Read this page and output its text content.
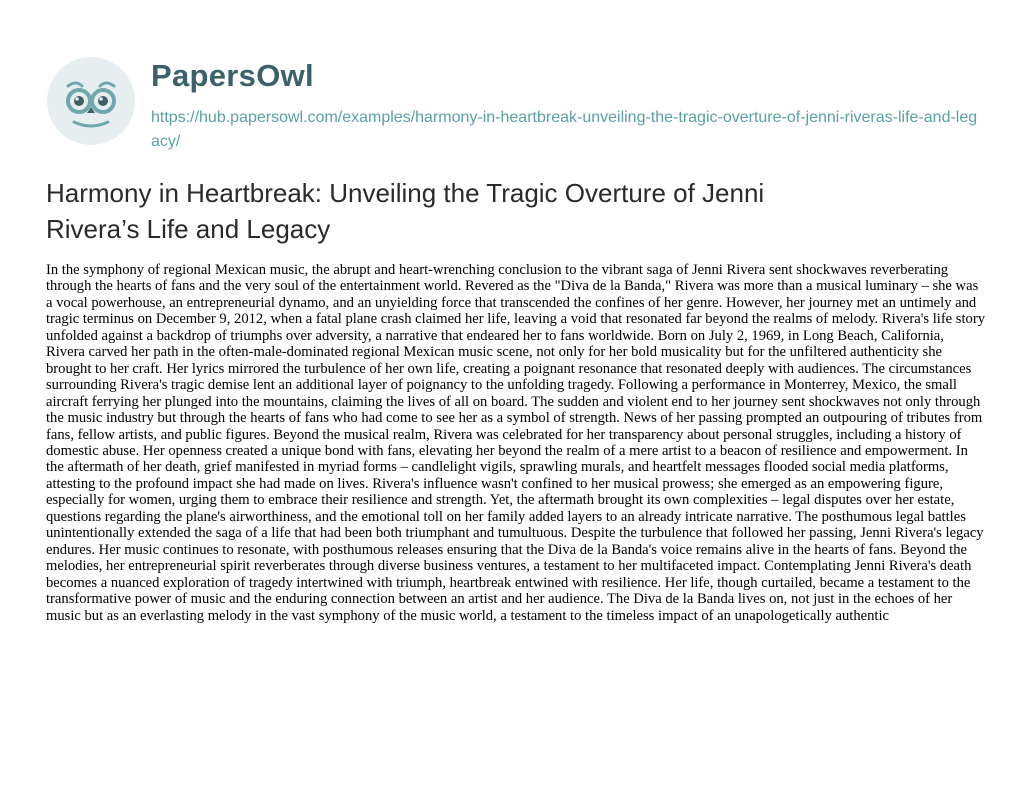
PapersOwl
https://hub.papersowl.com/examples/harmony-in-heartbreak-unveiling-the-tragic-overture-of-jenni-riveras-life-and-legacy/
Harmony in Heartbreak: Unveiling the Tragic Overture of Jenni Rivera’s Life and Legacy

In the symphony of regional Mexican music, the abrupt and heart-wrenching conclusion to the vibrant saga of Jenni Rivera sent shockwaves reverberating through the hearts of fans and the very soul of the entertainment world. Revered as the "Diva de la Banda," Rivera was more than a musical luminary – she was a vocal powerhouse, an entrepreneurial dynamo, and an unyielding force that transcended the confines of her genre. However, her journey met an untimely and tragic terminus on December 9, 2012, when a fatal plane crash claimed her life, leaving a void that resonated far beyond the realms of melody. Rivera's life story unfolded against a backdrop of triumphs over adversity, a narrative that endeared her to fans worldwide. Born on July 2, 1969, in Long Beach, California, Rivera carved her path in the often-male-dominated regional Mexican music scene, not only for her bold musicality but for the unfiltered authenticity she brought to her craft. Her lyrics mirrored the turbulence of her own life, creating a poignant resonance that resonated deeply with audiences. The circumstances surrounding Rivera's tragic demise lent an additional layer of poignancy to the unfolding tragedy. Following a performance in Monterrey, Mexico, the small aircraft ferrying her plunged into the mountains, claiming the lives of all on board. The sudden and violent end to her journey sent shockwaves not only through the music industry but through the hearts of fans who had come to see her as a symbol of strength. News of her passing prompted an outpouring of tributes from fans, fellow artists, and public figures. Beyond the musical realm, Rivera was celebrated for her transparency about personal struggles, including a history of domestic abuse. Her openness created a unique bond with fans, elevating her beyond the realm of a mere artist to a beacon of resilience and empowerment. In the aftermath of her death, grief manifested in myriad forms – candlelight vigils, sprawling murals, and heartfelt messages flooded social media platforms, attesting to the profound impact she had made on lives. Rivera's influence wasn't confined to her musical prowess; she emerged as an empowering figure, especially for women, urging them to embrace their resilience and strength. Yet, the aftermath brought its own complexities – legal disputes over her estate, questions regarding the plane's airworthiness, and the emotional toll on her family added layers to an already intricate narrative. The posthumous legal battles unintentionally extended the saga of a life that had been both triumphant and tumultuous. Despite the turbulence that followed her passing, Jenni Rivera's legacy endures. Her music continues to resonate, with posthumous releases ensuring that the Diva de la Banda's voice remains alive in the hearts of fans. Beyond the melodies, her entrepreneurial spirit reverberates through diverse business ventures, a testament to her multifaceted impact. Contemplating Jenni Rivera's death becomes a nuanced exploration of tragedy intertwined with triumph, heartbreak entwined with resilience. Her life, though curtailed, became a testament to the transformative power of music and the enduring connection between an artist and her audience. The Diva de la Banda lives on, not just in the echoes of her music but as an everlasting melody in the vast symphony of the music world, a testament to the timeless impact of an unapologetically authentic
